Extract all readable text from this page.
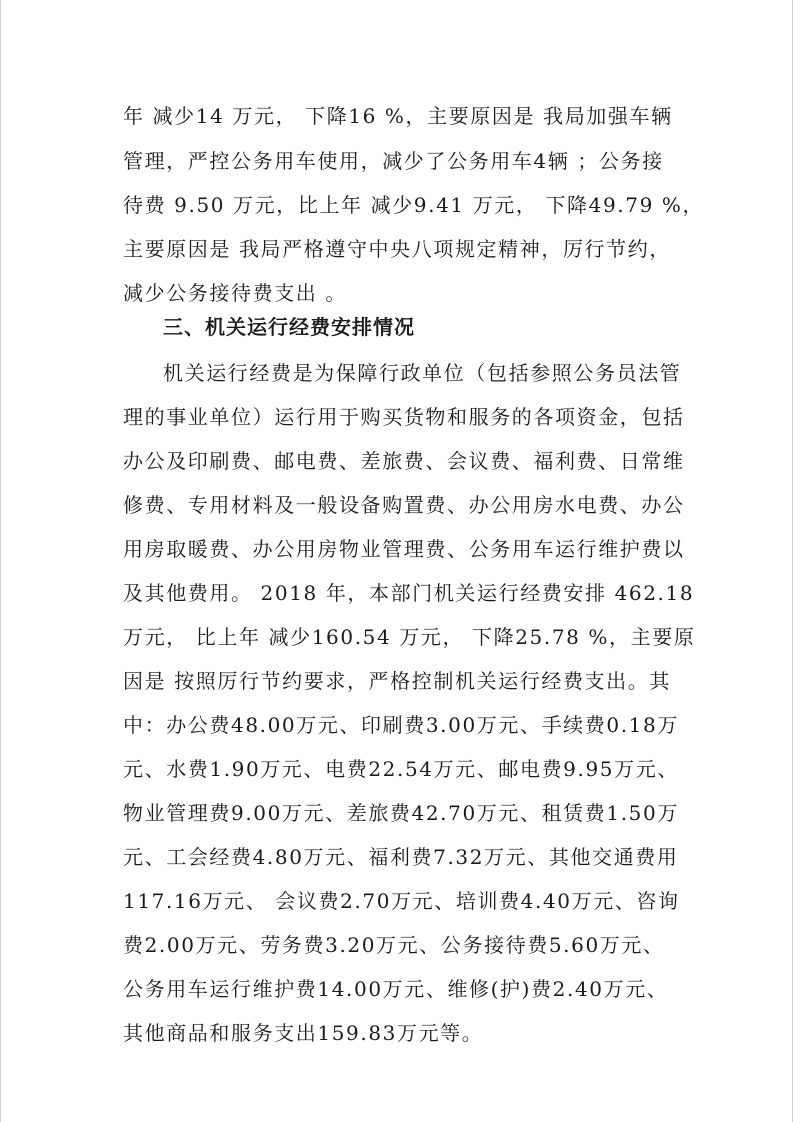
年 减少14 万元， 下降16 %，主要原因是 我局加强车辆
管理，严控公务用车使用，减少了公务用车4辆 ；公务接
待费 9.50 万元，比上年 减少9.41 万元， 下降49.79 %，
主要原因是 我局严格遵守中央八项规定精神，厉行节约，
减少公务接待费支出 。
三、机关运行经费安排情况
机关运行经费是为保障行政单位（包括参照公务员法管
理的事业单位）运行用于购买货物和服务的各项资金，包括
办公及印刷费、邮电费、差旅费、会议费、福利费、日常维
修费、专用材料及一般设备购置费、办公用房水电费、办公
用房取暖费、办公用房物业管理费、公务用车运行维护费以
及其他费用。 2018 年，本部门机关运行经费安排 462.18
万元， 比上年 减少160.54 万元， 下降25.78 %，主要原
因是 按照厉行节约要求，严格控制机关运行经费支出。其
中：办公费48.00万元、印刷费3.00万元、手续费0.18万
元、水费1.90万元、电费22.54万元、邮电费9.95万元、
物业管理费9.00万元、差旅费42.70万元、租赁费1.50万
元、工会经费4.80万元、福利费7.32万元、其他交通费用
117.16万元、 会议费2.70万元、培训费4.40万元、咨询
费2.00万元、劳务费3.20万元、公务接待费5.60万元、
公务用车运行维护费14.00万元、维修(护)费2.40万元、
其他商品和服务支出159.83万元等。
